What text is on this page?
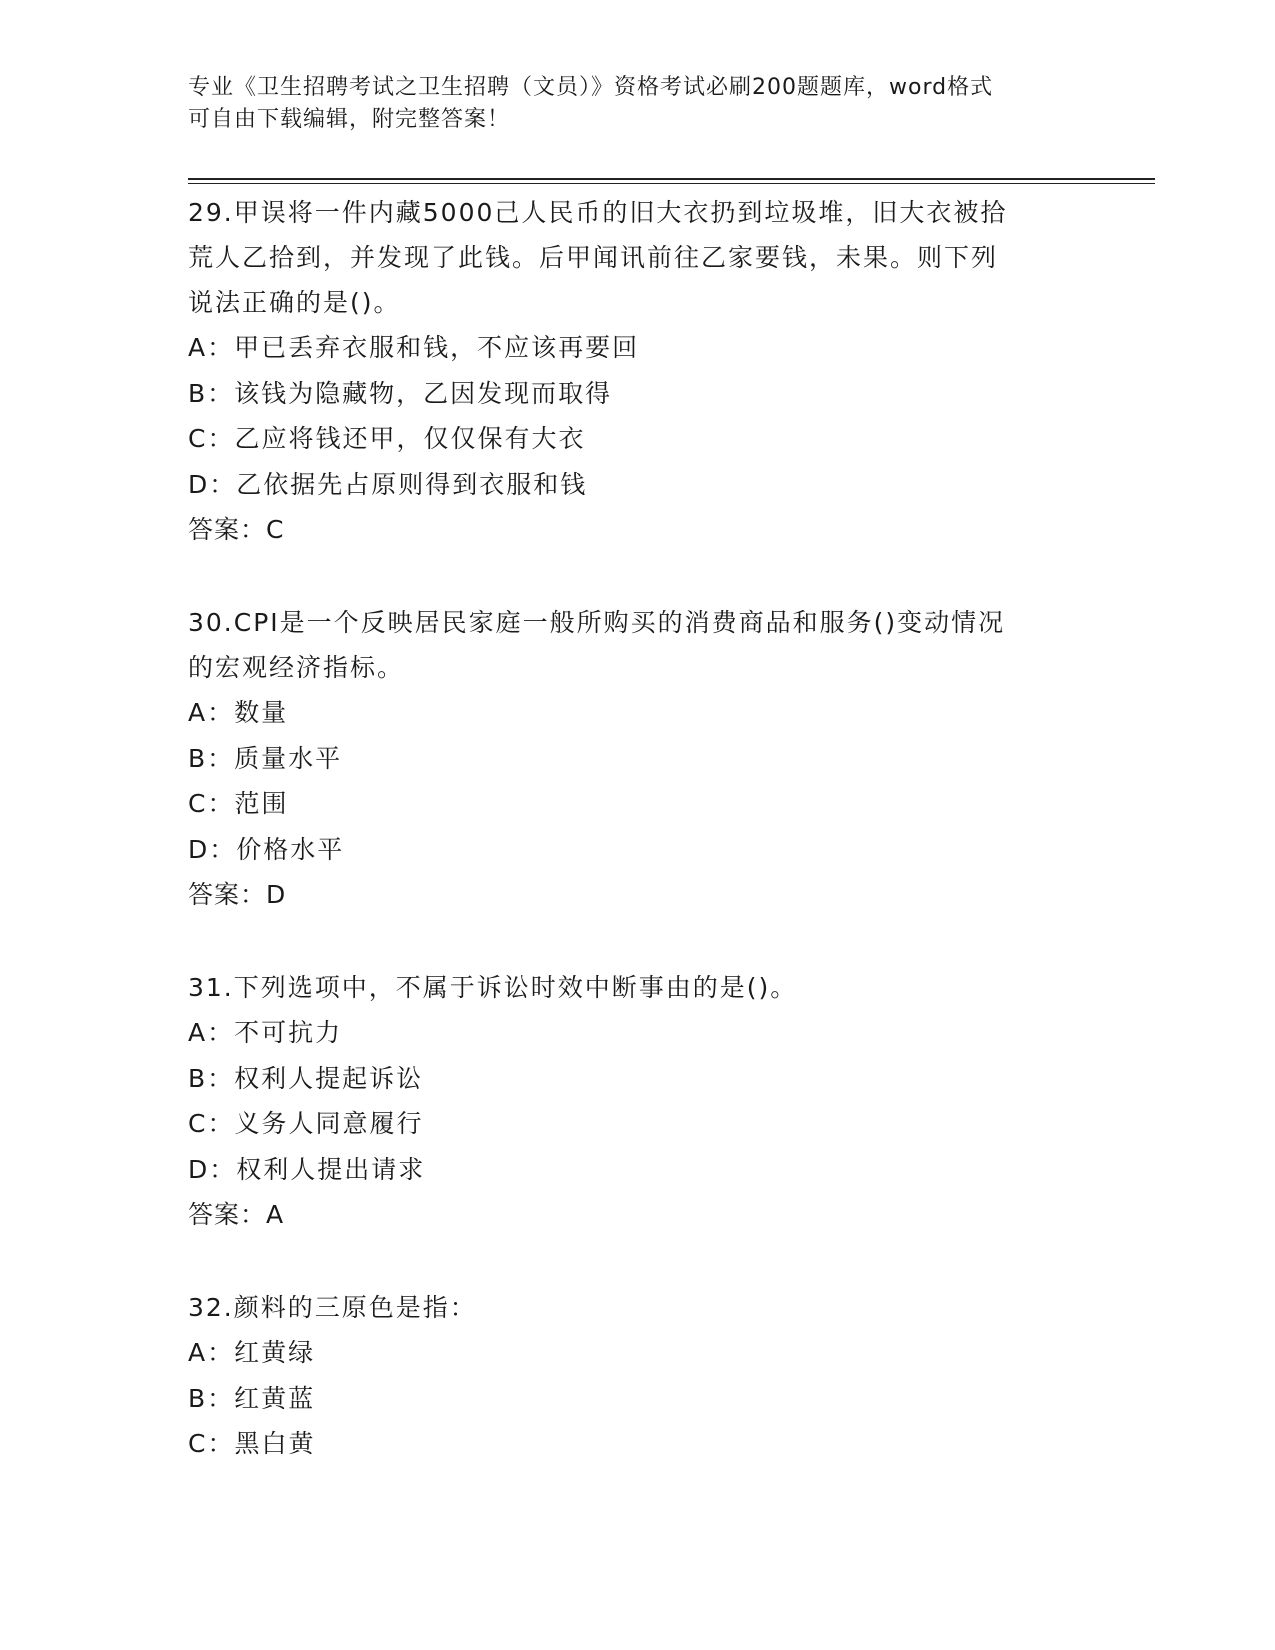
专业《卫生招聘考试之卫生招聘（文员）》资格考试必刷200题题库，word格式
可自由下载编辑，附完整答案！
29.甲误将一件内藏5000己人民币的旧大衣扔到垃圾堆，旧大衣被拾
荒人乙拾到，并发现了此钱。后甲闻讯前往乙家要钱，未果。则下列
说法正确的是()。
A：甲已丢弃衣服和钱，不应该再要回
B：该钱为隐藏物，乙因发现而取得
C：乙应将钱还甲，仅仅保有大衣
D：乙依据先占原则得到衣服和钱
答案：C
30.CPI是一个反映居民家庭一般所购买的消费商品和服务()变动情况
的宏观经济指标。
A：数量
B：质量水平
C：范围
D：价格水平
答案：D
31.下列选项中，不属于诉讼时效中断事由的是()。
A：不可抗力
B：权利人提起诉讼
C：义务人同意履行
D：权利人提出请求
答案：A
32.颜料的三原色是指：
A：红黄绿
B：红黄蓝
C：黑白黄
